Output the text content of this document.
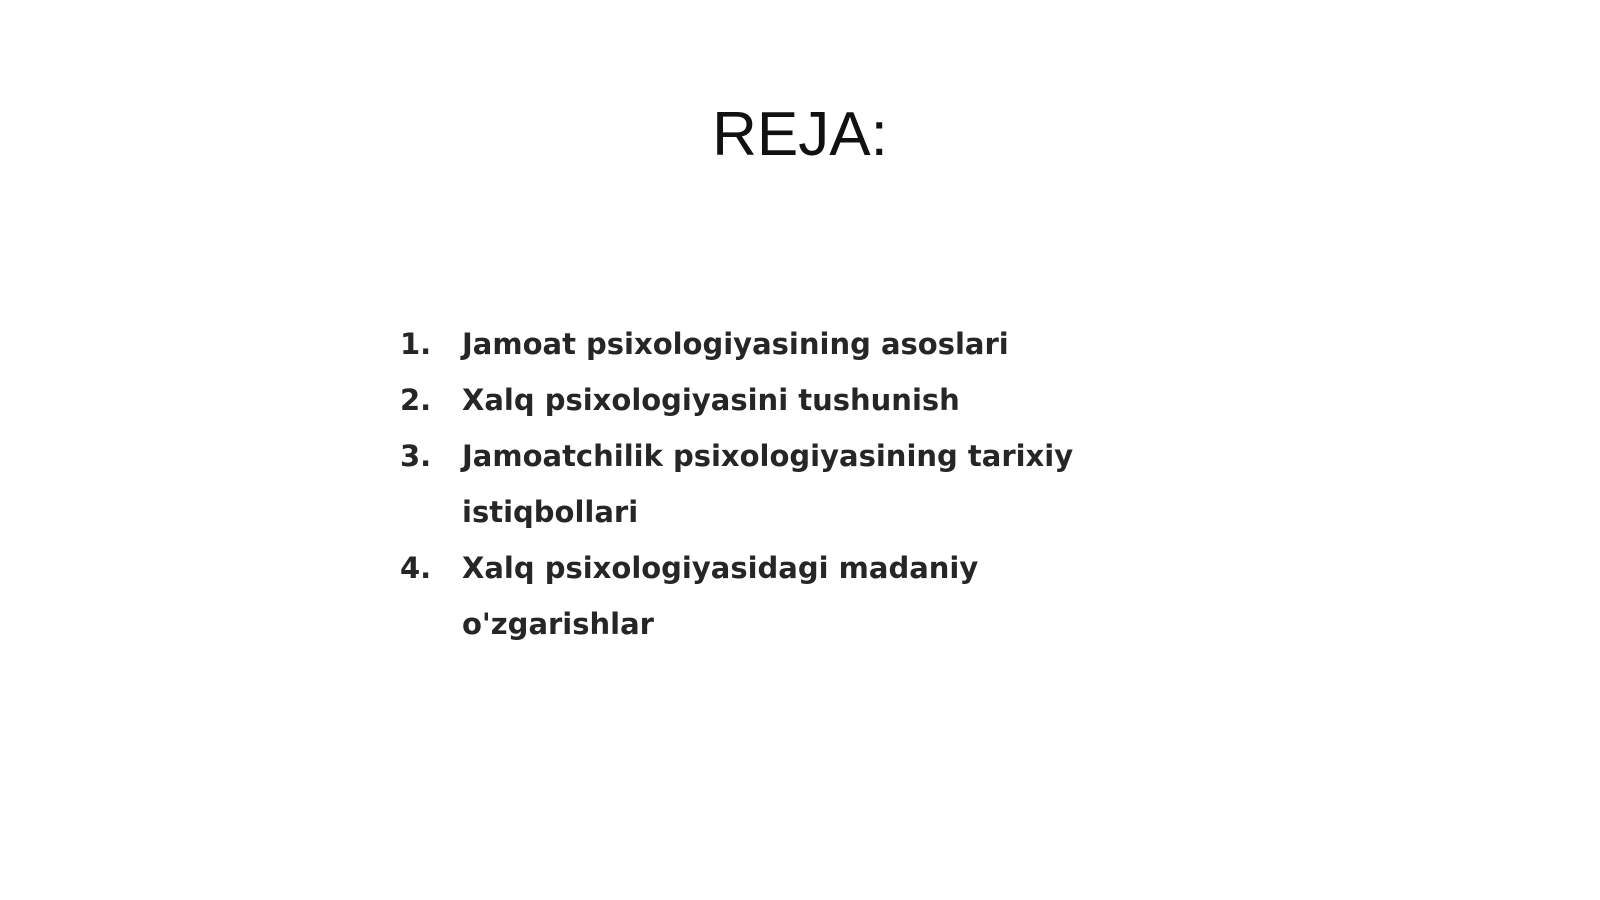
REJA:
1.	Jamoat psixologiyasining asoslari
2.	Xalq psixologiyasini tushunish
3.	Jamoatchilik psixologiyasining tarixiy istiqbollari
4.	Xalq psixologiyasidagi madaniy o'zgarishlar
